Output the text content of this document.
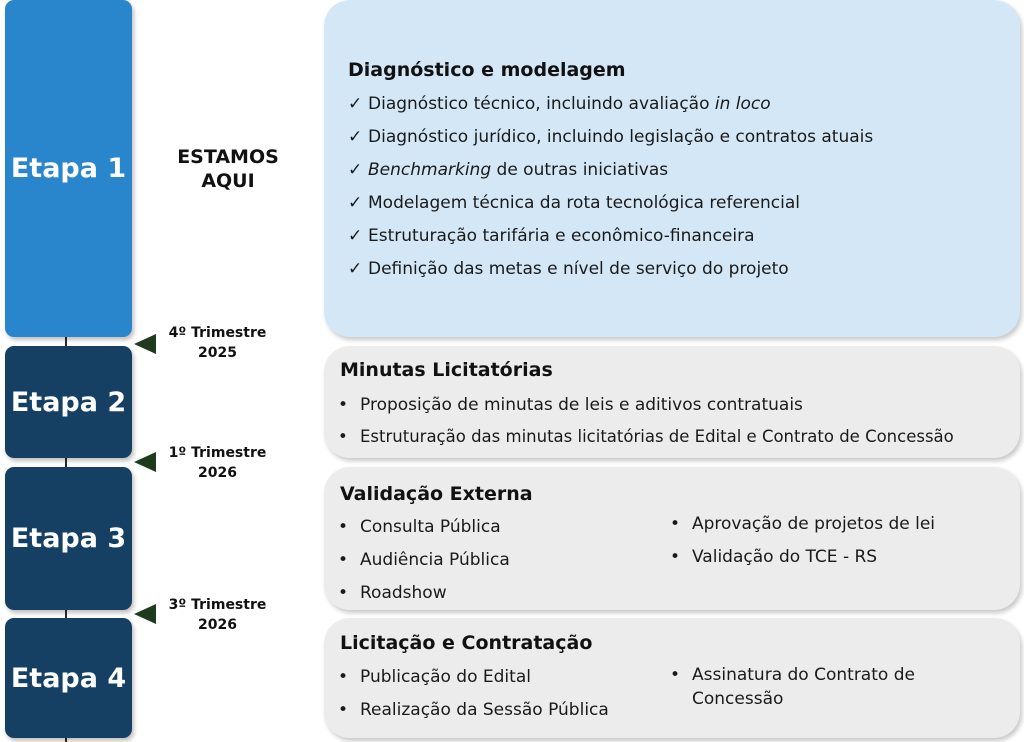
Etapa 1
Etapa 2
Etapa 3
Etapa 4
ESTAMOS
AQUI
4º Trimestre
2025
1º Trimestre
2026
3º Trimestre
2026
Diagnóstico e modelagem
✓ Diagnóstico técnico, incluindo avaliação in loco
✓ Diagnóstico jurídico, incluindo legislação e contratos atuais
✓ Benchmarking de outras iniciativas
✓ Modelagem técnica da rota tecnológica referencial
✓ Estruturação tarifária e econômico-financeira
✓ Definição das metas e nível de serviço do projeto
Minutas Licitatórias
• Proposição de minutas de leis e aditivos contratuais
• Estruturação das minutas licitatórias de Edital e Contrato de Concessão
Validação Externa
• Consulta Pública
• Audiência Pública
• Roadshow
• Aprovação de projetos de lei
• Validação do TCE - RS
Licitação e Contratação
• Publicação do Edital
• Realização da Sessão Pública
• Assinatura do Contrato de Concessão
